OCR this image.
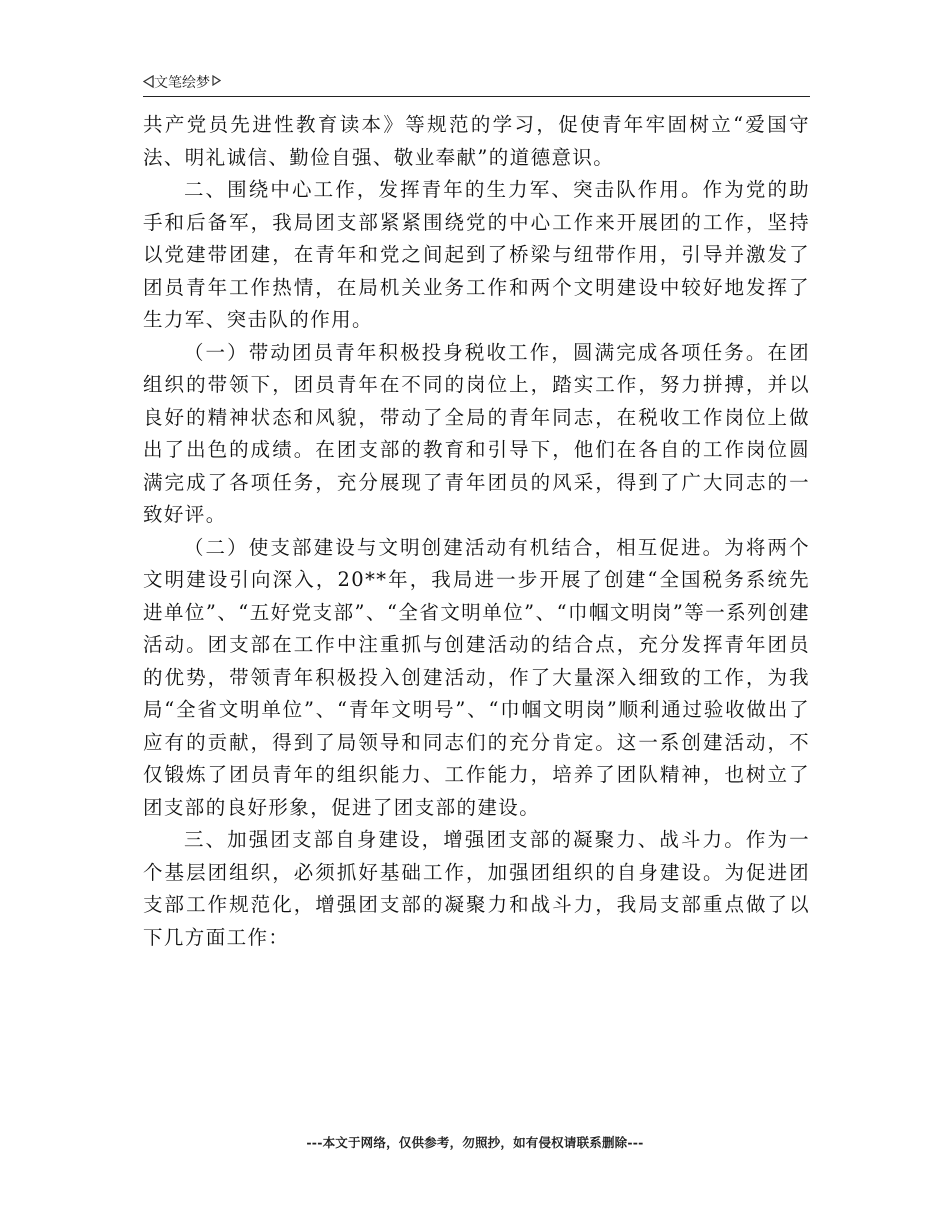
文笔绘梦

共产党员先进性教育读本》等规范的学习，促使青年牢固树立“爱国守法、明礼诚信、勤俭自强、敬业奉献”的道德意识。

二、围绕中心工作，发挥青年的生力军、突击队作用。作为党的助手和后备军，我局团支部紧紧围绕党的中心工作来开展团的工作，坚持以党建带团建，在青年和党之间起到了桥梁与纽带作用，引导并激发了团员青年工作热情，在局机关业务工作和两个文明建设中较好地发挥了生力军、突击队的作用。

（一）带动团员青年积极投身税收工作，圆满完成各项任务。在团组织的带领下，团员青年在不同的岗位上，踏实工作，努力拼搏，并以良好的精神状态和风貌，带动了全局的青年同志，在税收工作岗位上做出了出色的成绩。在团支部的教育和引导下，他们在各自的工作岗位圆满完成了各项任务，充分展现了青年团员的风采，得到了广大同志的一致好评。

（二）使支部建设与文明创建活动有机结合，相互促进。为将两个文明建设引向深入，20**年，我局进一步开展了创建“全国税务系统先进单位”、“五好党支部”、“全省文明单位”、“巾帼文明岗”等一系列创建活动。团支部在工作中注重抓与创建活动的结合点，充分发挥青年团员的优势，带领青年积极投入创建活动，作了大量深入细致的工作，为我局“全省文明单位”、“青年文明号”、“巾帼文明岗”顺利通过验收做出了应有的贡献，得到了局领导和同志们的充分肯定。这一系创建活动，不仅锻炼了团员青年的组织能力、工作能力，培养了团队精神，也树立了团支部的良好形象，促进了团支部的建设。

三、加强团支部自身建设，增强团支部的凝聚力、战斗力。作为一个基层团组织，必须抓好基础工作，加强团组织的自身建设。为促进团支部工作规范化，增强团支部的凝聚力和战斗力，我局支部重点做了以下几方面工作：

---本文于网络，仅供参考，勿照抄，如有侵权请联系删除---
